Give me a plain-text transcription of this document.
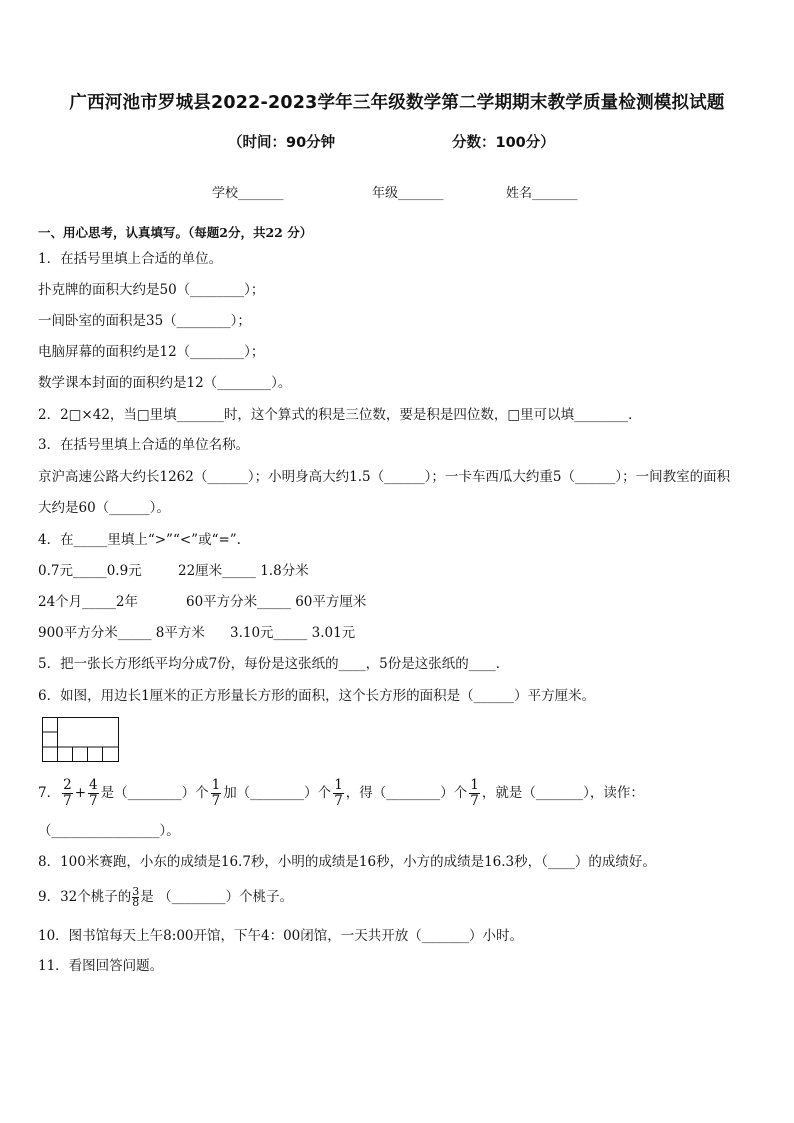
广西河池市罗城县2022-2023学年三年级数学第二学期期末教学质量检测模拟试题
（时间：90分钟	分数：100分）
学校_______	年级_______	姓名_______
一、用心思考，认真填写。（每题2分，共22 分）
1．在括号里填上合适的单位。
扑克牌的面积大约是50（________）；
一间卧室的面积是35（________）；
电脑屏幕的面积约是12（________）；
数学课本封面的面积约是12（________）。
2．2□×42，当□里填_______时，这个算式的积是三位数，要是积是四位数，□里可以填________．
3．在括号里填上合适的单位名称。
京沪高速公路大约长1262（______）；小明身高大约1.5（______）；一卡车西瓜大约重5（______）；一间教室的面积
大约是60（______）。
4．在_____里填上“>”“<”或“=”.
0.7元_____0.9元	22厘米_____ 1.8分米
24个月_____2年	60平方分米_____ 60平方厘米
900平方分米_____ 8平方米 3.10元_____ 3.01元
5．把一张长方形纸平均分成7份，每份是这张纸的____，5份是这张纸的____．
6．如图，用边长1厘米的正方形量长方形的面积，这个长方形的面积是（______）平方厘米。
7． $\frac{2}{7} + \frac{4}{7}$ 是（________）个 $\frac{1}{7}$ 加（________）个 $\frac{1}{7}$ ，得（________）个 $\frac{1}{7}$ ，就是（_______），读作：
（________________）。
8．100米赛跑，小东的成绩是16.7秒，小明的成绩是16秒，小方的成绩是16.3秒，（____）的成绩好。
9．32个桃子的 $\frac{3}{8}$ 是 （________）个桃子。
10．图书馆每天上午8:00开馆，下午4：00闭馆，一天共开放（_______）小时。
11．看图回答问题。
